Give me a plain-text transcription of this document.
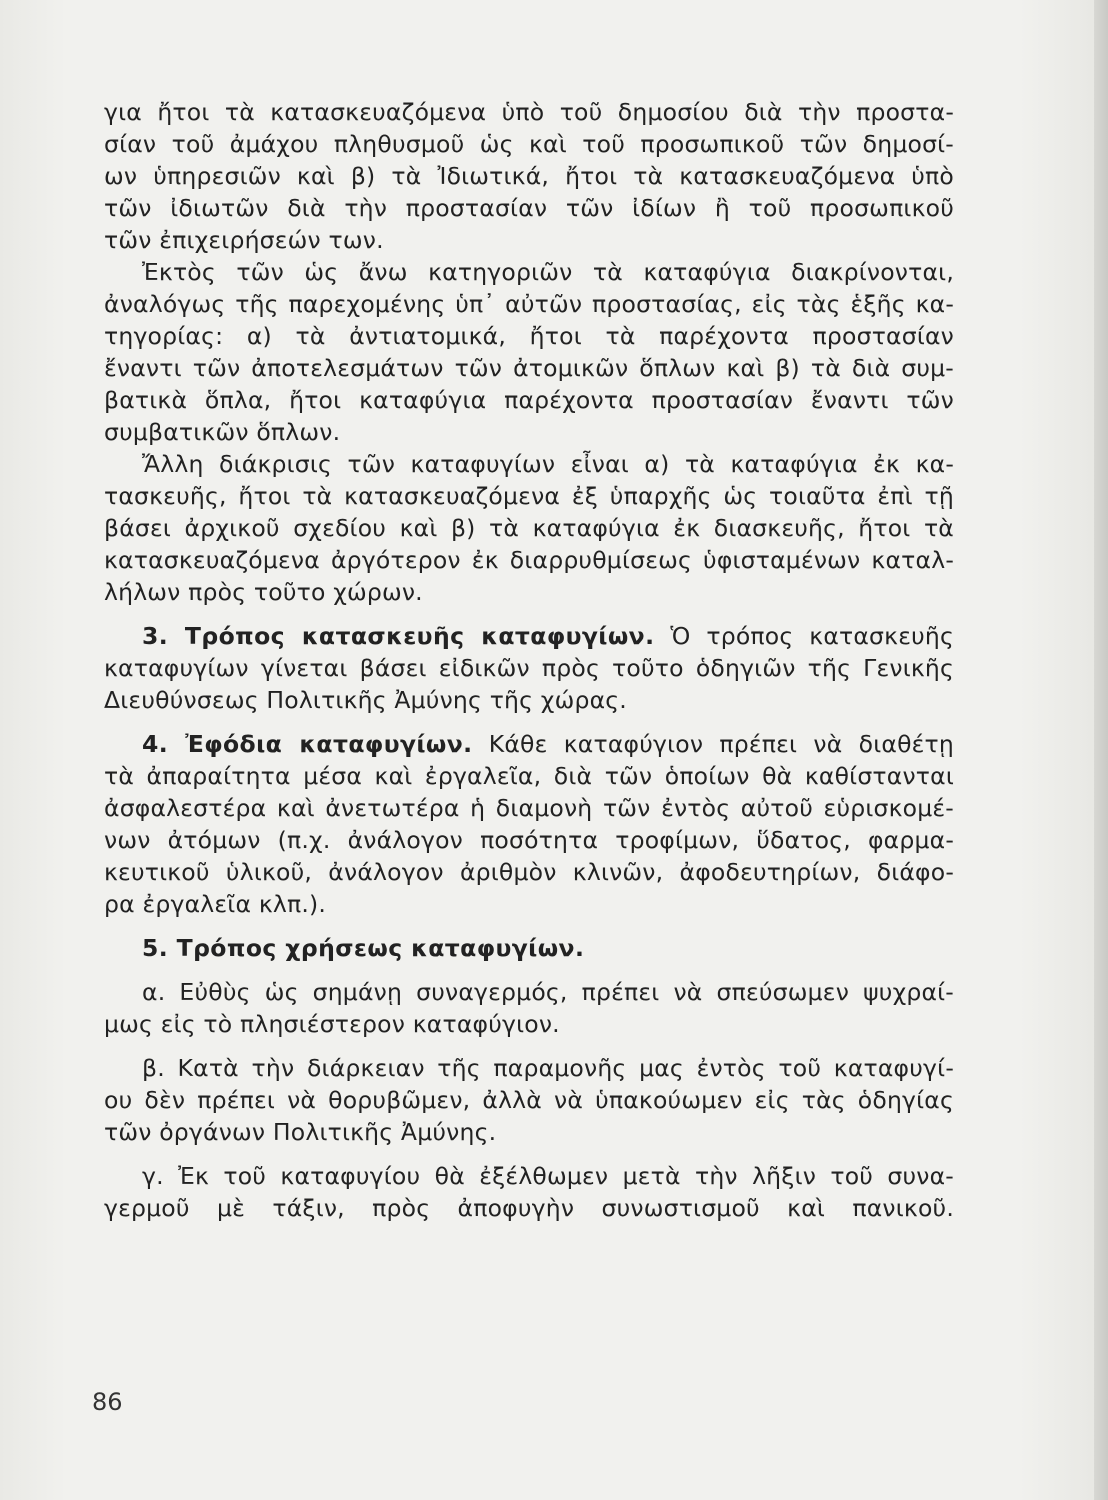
για ἤτοι τὰ κατασκευαζόμενα ὑπὸ τοῦ δημοσίου διὰ τὴν προστα-
σίαν τοῦ ἀμάχου πληθυσμοῦ ὡς καὶ τοῦ προσωπικοῦ τῶν δημοσί-
ων ὑπηρεσιῶν καὶ β) τὰ Ἰδιωτικά, ἤτοι τὰ κατασκευαζόμενα ὑπὸ
τῶν ἰδιωτῶν διὰ τὴν προστασίαν τῶν ἰδίων ἢ τοῦ προσωπικοῦ
τῶν ἐπιχειρήσεών των.
Ἐκτὸς τῶν ὡς ἄνω κατηγοριῶν τὰ καταφύγια διακρίνονται,
ἀναλόγως τῆς παρεχομένης ὑπ᾿ αὐτῶν προστασίας, εἰς τὰς ἑξῆς κα-
τηγορίας: α) τὰ ἀντιατομικά, ἤτοι τὰ παρέχοντα προστασίαν
ἔναντι τῶν ἀποτελεσμάτων τῶν ἀτομικῶν ὅπλων καὶ β) τὰ διὰ συμ-
βατικὰ ὅπλα, ἤτοι καταφύγια παρέχοντα προστασίαν ἔναντι τῶν
συμβατικῶν ὅπλων.
Ἄλλη διάκρισις τῶν καταφυγίων εἶναι α) τὰ καταφύγια ἐκ κα-
τασκευῆς, ἤτοι τὰ κατασκευαζόμενα ἐξ ὑπαρχῆς ὡς τοιαῦτα ἐπὶ τῇ
βάσει ἀρχικοῦ σχεδίου καὶ β) τὰ καταφύγια ἐκ διασκευῆς, ἤτοι τὰ
κατασκευαζόμενα ἀργότερον ἐκ διαρρυθμίσεως ὑφισταμένων καταλ-
λήλων πρὸς τοῦτο χώρων.
3. Τρόπος κατασκευῆς καταφυγίων. Ὁ τρόπος κατασκευῆς
καταφυγίων γίνεται βάσει εἰδικῶν πρὸς τοῦτο ὁδηγιῶν τῆς Γενικῆς
Διευθύνσεως Πολιτικῆς Ἀμύνης τῆς χώρας.
4. Ἐφόδια καταφυγίων. Κάθε καταφύγιον πρέπει νὰ διαθέτῃ
τὰ ἀπαραίτητα μέσα καὶ ἐργαλεῖα, διὰ τῶν ὁποίων θὰ καθίστανται
ἀσφαλεστέρα καὶ ἀνετωτέρα ἡ διαμονὴ τῶν ἐντὸς αὐτοῦ εὑρισκομέ-
νων ἀτόμων (π.χ. ἀνάλογον ποσότητα τροφίμων, ὕδατος, φαρμα-
κευτικοῦ ὑλικοῦ, ἀνάλογον ἀριθμὸν κλινῶν, ἀφοδευτηρίων, διάφο-
ρα ἐργαλεῖα κλπ.).
5. Τρόπος χρήσεως καταφυγίων.
α. Εὐθὺς ὡς σημάνῃ συναγερμός, πρέπει νὰ σπεύσωμεν ψυχραί-
μως εἰς τὸ πλησιέστερον καταφύγιον.
β. Κατὰ τὴν διάρκειαν τῆς παραμονῆς μας ἐντὸς τοῦ καταφυγί-
ου δὲν πρέπει νὰ θορυβῶμεν, ἀλλὰ νὰ ὑπακούωμεν εἰς τὰς ὁδηγίας
τῶν ὀργάνων Πολιτικῆς Ἀμύνης.
γ. Ἐκ τοῦ καταφυγίου θὰ ἐξέλθωμεν μετὰ τὴν λῆξιν τοῦ συνα-
γερμοῦ μὲ τάξιν, πρὸς ἀποφυγὴν συνωστισμοῦ καὶ πανικοῦ.
86
